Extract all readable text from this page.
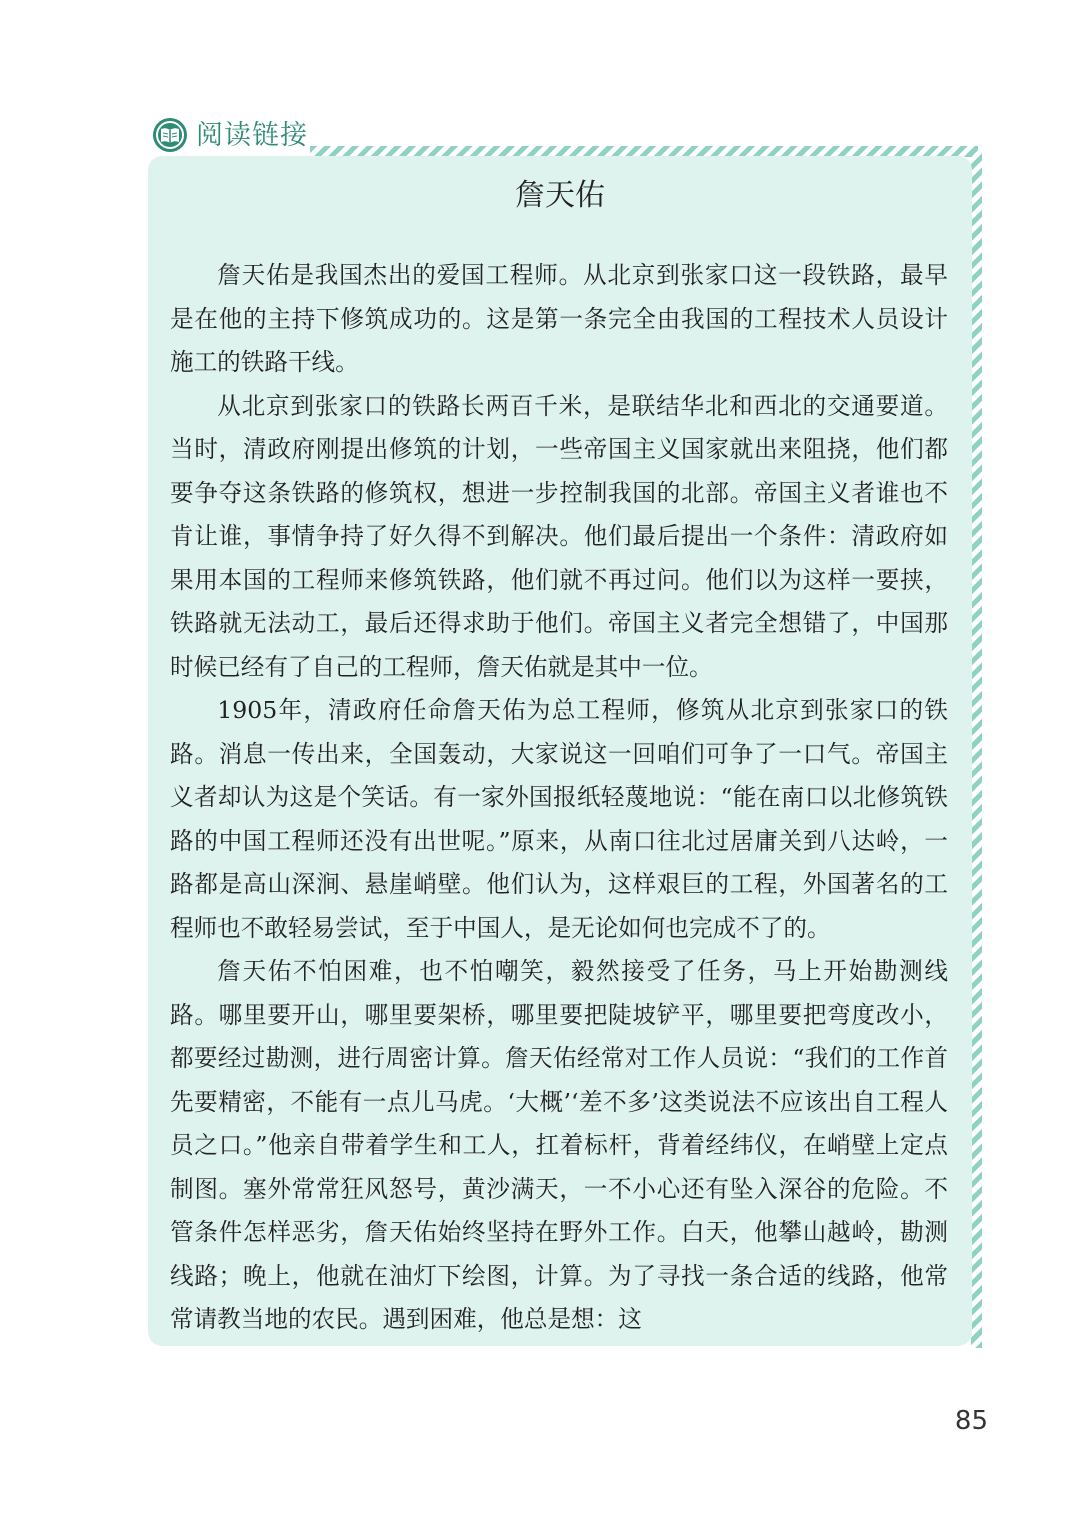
阅读链接
詹天佑

詹天佑是我国杰出的爱国工程师。从北京到张家口这一段铁路，最早是在他的主持下修筑成功的。这是第一条完全由我国的工程技术人员设计施工的铁路干线。

从北京到张家口的铁路长两百千米，是联结华北和西北的交通要道。当时，清政府刚提出修筑的计划，一些帝国主义国家就出来阻挠，他们都要争夺这条铁路的修筑权，想进一步控制我国的北部。帝国主义者谁也不肯让谁，事情争持了好久得不到解决。他们最后提出一个条件：清政府如果用本国的工程师来修筑铁路，他们就不再过问。他们以为这样一要挟，铁路就无法动工，最后还得求助于他们。帝国主义者完全想错了，中国那时候已经有了自己的工程师，詹天佑就是其中一位。

1905年，清政府任命詹天佑为总工程师，修筑从北京到张家口的铁路。消息一传出来，全国轰动，大家说这一回咱们可争了一口气。帝国主义者却认为这是个笑话。有一家外国报纸轻蔑地说：“能在南口以北修筑铁路的中国工程师还没有出世呢。”原来，从南口往北过居庸关到八达岭，一路都是高山深涧、悬崖峭壁。他们认为，这样艰巨的工程，外国著名的工程师也不敢轻易尝试，至于中国人，是无论如何也完成不了的。

詹天佑不怕困难，也不怕嘲笑，毅然接受了任务，马上开始勘测线路。哪里要开山，哪里要架桥，哪里要把陡坡铲平，哪里要把弯度改小，都要经过勘测，进行周密计算。詹天佑经常对工作人员说：“我们的工作首先要精密，不能有一点儿马虎。‘大概’‘差不多’这类说法不应该出自工程人员之口。”他亲自带着学生和工人，扛着标杆，背着经纬仪，在峭壁上定点制图。塞外常常狂风怒号，黄沙满天，一不小心还有坠入深谷的危险。不管条件怎样恶劣，詹天佑始终坚持在野外工作。白天，他攀山越岭，勘测线路；晚上，他就在油灯下绘图，计算。为了寻找一条合适的线路，他常常请教当地的农民。遇到困难，他总是想：这

85
